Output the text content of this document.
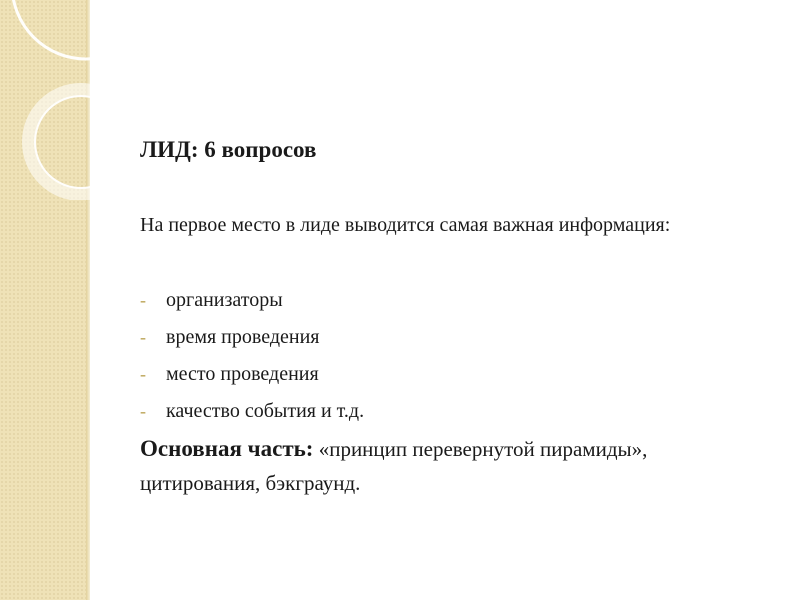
ЛИД: 6 вопросов
На первое место в лиде выводится самая важная информация:
-	организаторы
-	время проведения
-	место проведения
-	качество события и т.д.
Основная часть: «принцип перевернутой пирамиды», цитирования, бэкграунд.
